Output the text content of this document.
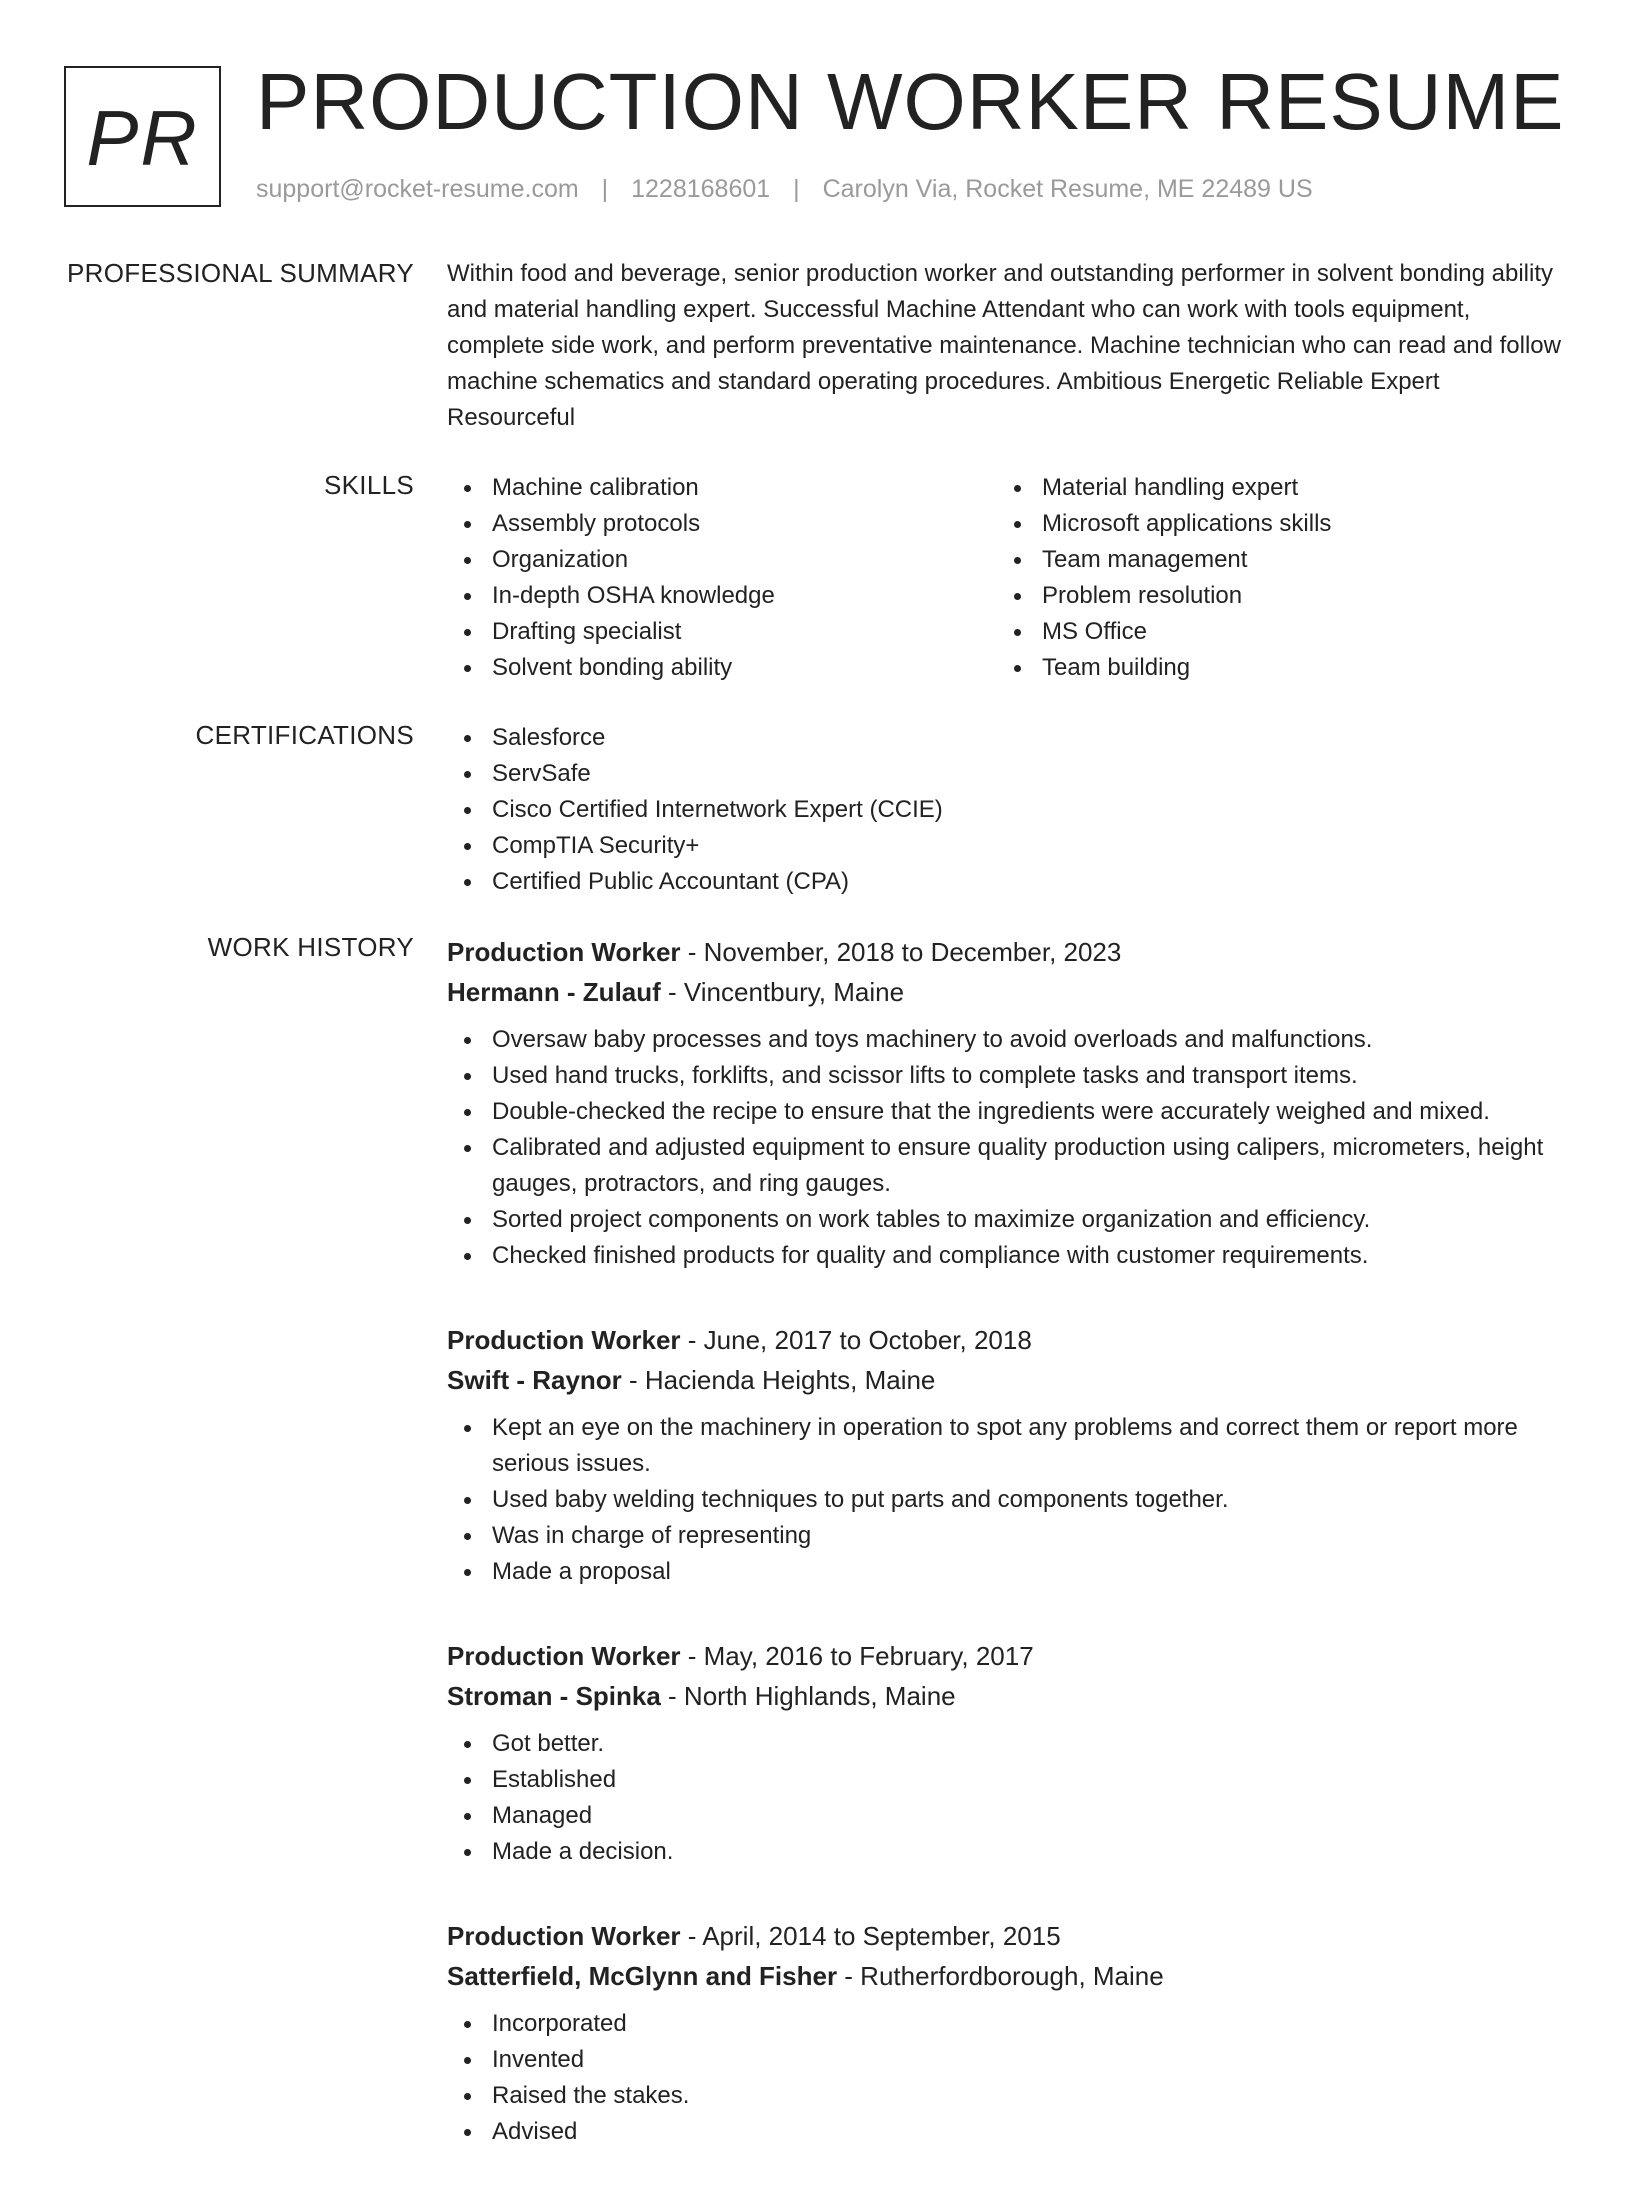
PR PRODUCTION WORKER RESUME
support@rocket-resume.com | 1228168601 | Carolyn Via, Rocket Resume, ME 22489 US
PROFESSIONAL SUMMARY Within food and beverage, senior production worker and outstanding performer in solvent bonding ability and material handling expert. Successful Machine Attendant who can work with tools equipment, complete side work, and perform preventative maintenance. Machine technician who can read and follow machine schematics and standard operating procedures. Ambitious Energetic Reliable Expert Resourceful

SKILLS	Machine calibration
Assembly protocols
Organization
In-depth OSHA knowledge
Drafting specialist
Solvent bonding ability
Material handling expert
Microsoft applications skills
Team management
Problem resolution
MS Office
Team building
CERTIFICATIONS	Salesforce
ServSafe
Cisco Certified Internetwork Expert (CCIE)
CompTIA Security+
Certified Public Accountant (CPA)
WORK HISTORY Production Worker - November, 2018 to December, 2023
Hermann - Zulauf - Vincentbury, Maine
Oversaw baby processes and toys machinery to avoid overloads and malfunctions.
Used hand trucks, forklifts, and scissor lifts to complete tasks and transport items.
Double-checked the recipe to ensure that the ingredients were accurately weighed and mixed.
Calibrated and adjusted equipment to ensure quality production using calipers, micrometers, height gauges, protractors, and ring gauges.
Sorted project components on work tables to maximize organization and efficiency.
Checked finished products for quality and compliance with customer requirements.
Production Worker - June, 2017 to October, 2018
Swift - Raynor - Hacienda Heights, Maine
Kept an eye on the machinery in operation to spot any problems and correct them or report more serious issues.
Used baby welding techniques to put parts and components together.
Was in charge of representing
Made a proposal
Production Worker - May, 2016 to February, 2017
Stroman - Spinka - North Highlands, Maine
Got better.
Established
Managed
Made a decision.
Production Worker - April, 2014 to September, 2015
Satterfield, McGlynn and Fisher - Rutherfordborough, Maine
Incorporated
Invented
Raised the stakes.
Advised
